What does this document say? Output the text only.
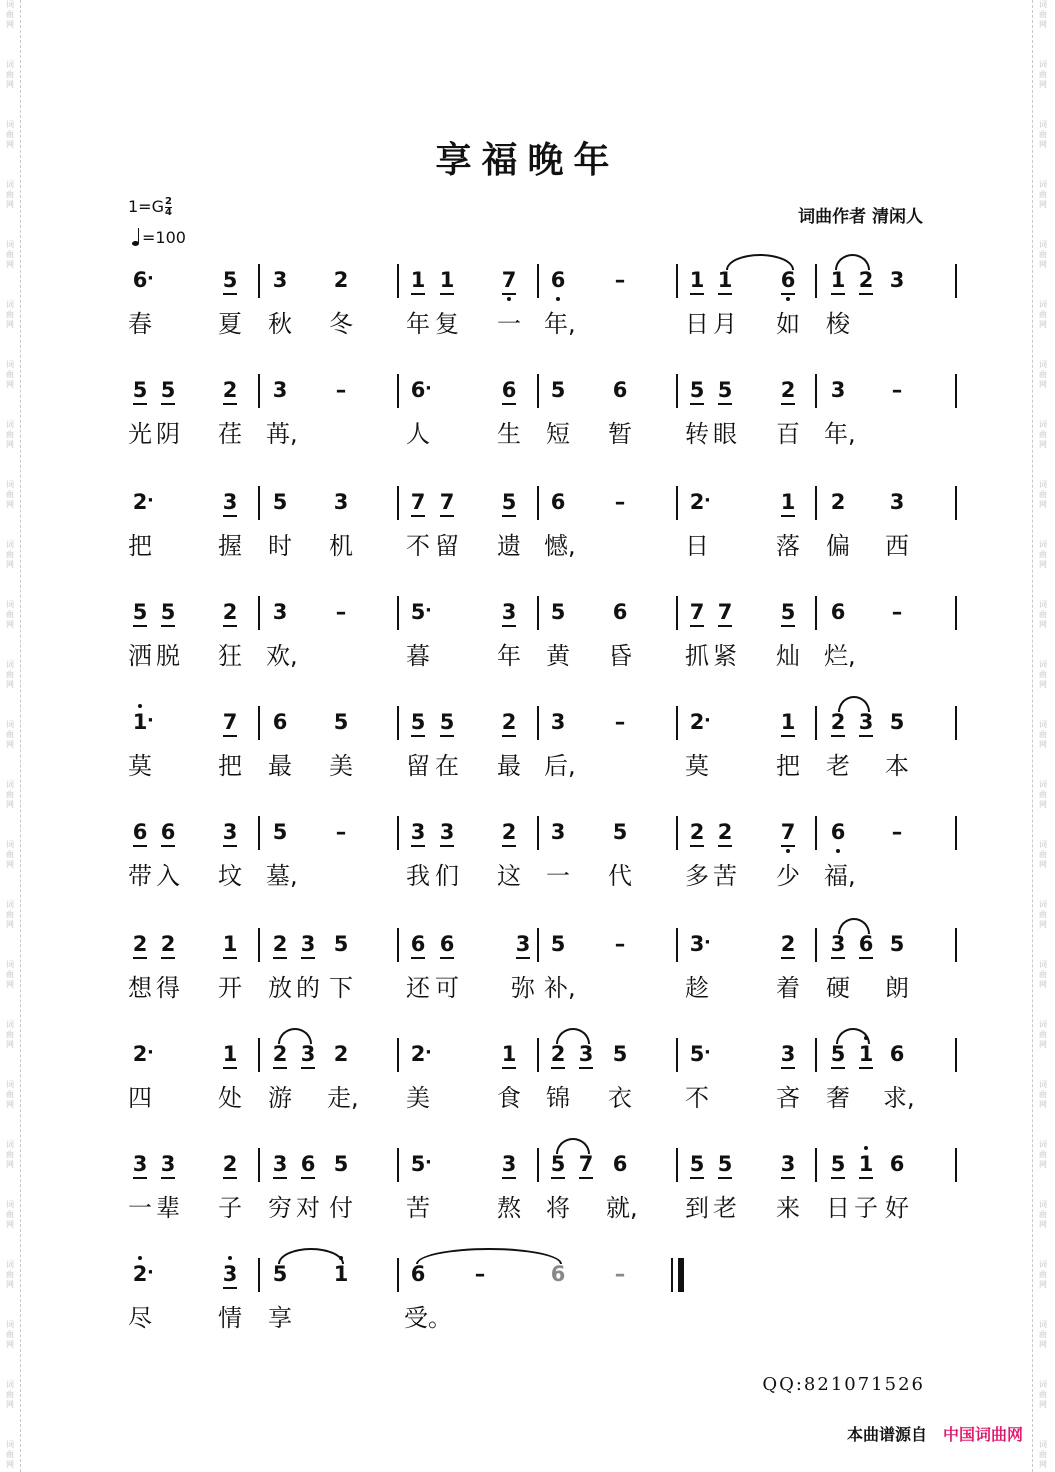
词
曲
网
词
曲
网
词
曲
网
词
曲
网
词
曲
网
词
曲
网
词
曲
网
词
曲
网
词
曲
网
词
曲
网
词
曲
网
词
曲
网
词
曲
网
词
曲
网
词
曲
网
词
曲
网
词
曲
网
词
曲
网
词
曲
网
词
曲
网
词
曲
网
词
曲
网
词
曲
网
词
曲
网
词
曲
网
词
曲
网
词
曲
网
词
曲
网
词
曲
网
词
曲
网
词
曲
网
词
曲
网
词
曲
网
词
曲
网
词
曲
网
词
曲
网
词
曲
网
词
曲
网
词
曲
网
词
曲
网
词
曲
网
词
曲
网
词
曲
网
词
曲
网
词
曲
网
词
曲
网
词
曲
网
词
曲
网
词
曲
网
词
曲
网
享福晚年
$1=G \frac{2}{4}$
=100
词曲作者 清闲人
6 ·	5 3 2	1 1 7 6 –	1 1 6 1 2 3
春	夏 秋 冬 年 复 一 年,	日 月 如 梭
5 5 2 3 –	6 ·	6 5 6	5 5 2 3 –
光 阴 荏 苒,	人	生 短 暂 转 眼 百 年,
2 ·	3 5 3	7 7 5 6 –	2 ·	1 2 3
把	握 时 机 不 留 遗 憾,	日	落 偏 西
5 5 2 3 –	5 ·	3 5 6	7 7 5 6 –
洒 脱 狂 欢,	暮	年 黄 昏 抓 紧 灿 烂,
1 ·	7 6 5	5 5 2 3 –	2 ·	1 2 3 5
莫	把 最 美 留 在 最 后,	莫	把 老 本
6 6 3 5 –	3 3 2 3 5	2 2 7 6 –
带 入 坟 墓,	我 们 这 一 代 多 苦 少 福,
2 2 1 2 3 5	6 6	3 5 –	3 ·	2 3 6 5
想 得 开 放 的 下 还 可 弥 补,	趁	着 硬 朗
2 ·	1 2 3 2	2 ·	1 2 3 5	5 ·	3 5 1 6
四	处 游 走, 美	食 锦 衣 不	吝 奢 求,
3 3 2 3 6 5	5 ·	3 5 7 6	5 5 3 5 1 6
一 辈 子 穷 对 付 苦	熬 将 就, 到 老 来 日 子 好
2 ·	3 5 1	6 –	6 –
尽	情 享	受。
QQ:821071526
本曲谱源自 中国词曲网
